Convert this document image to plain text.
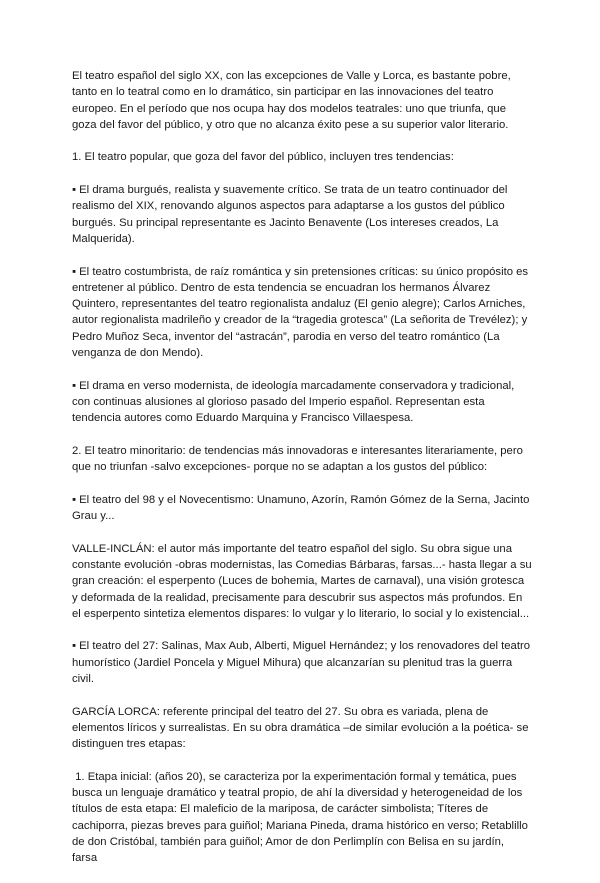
El teatro español del siglo XX, con las excepciones de Valle y Lorca, es bastante pobre, tanto en lo teatral como en lo dramático, sin participar en las innovaciones del teatro europeo. En el período que nos ocupa hay dos modelos teatrales: uno que triunfa, que goza del favor del público, y otro que no alcanza éxito pese a su superior valor literario.

1. El teatro popular, que goza del favor del público, incluyen tres tendencias:

▪ El drama burgués, realista y suavemente crítico. Se trata de un teatro continuador del realismo del XIX, renovando algunos aspectos para adaptarse a los gustos del público burgués. Su principal representante es Jacinto Benavente (Los intereses creados, La Malquerida).

▪ El teatro costumbrista, de raíz romántica y sin pretensiones críticas: su único propósito es entretener al público. Dentro de esta tendencia se encuadran los hermanos Álvarez Quintero, representantes del teatro regionalista andaluz (El genio alegre); Carlos Arniches, autor regionalista madrileño y creador de la “tragedia grotesca” (La señorita de Trevélez); y Pedro Muñoz Seca, inventor del “astracán”, parodia en verso del teatro romántico (La venganza de don Mendo).

▪ El drama en verso modernista, de ideología marcadamente conservadora y tradicional, con continuas alusiones al glorioso pasado del Imperio español. Representan esta tendencia autores como Eduardo Marquina y Francisco Villaespesa.

2. El teatro minoritario: de tendencias más innovadoras e interesantes literariamente, pero que no triunfan -salvo excepciones- porque no se adaptan a los gustos del público:

▪ El teatro del 98 y el Novecentismo: Unamuno, Azorín, Ramón Gómez de la Serna, Jacinto Grau y...

VALLE-INCLÁN: el autor más importante del teatro español del siglo. Su obra sigue una constante evolución -obras modernistas, las Comedias Bárbaras, farsas...- hasta llegar a su gran creación: el esperpento (Luces de bohemia, Martes de carnaval), una visión grotesca y deformada de la realidad, precisamente para descubrir sus aspectos más profundos. En el esperpento sintetiza elementos dispares: lo vulgar y lo literario, lo social y lo existencial...

▪ El teatro del 27: Salinas, Max Aub, Alberti, Miguel Hernández; y los renovadores del teatro humorístico (Jardiel Poncela y Miguel Mihura) que alcanzarían su plenitud tras la guerra civil.

GARCÍA LORCA: referente principal del teatro del 27. Su obra es variada, plena de elementos líricos y surrealistas. En su obra dramática –de similar evolución a la poética- se distinguen tres etapas:

1. Etapa inicial: (años 20), se caracteriza por la experimentación formal y temática, pues busca un lenguaje dramático y teatral propio, de ahí la diversidad y heterogeneidad de los títulos de esta etapa: El maleficio de la mariposa, de carácter simbolista; Títeres de cachiporra, piezas breves para guiñol; Mariana Pineda, drama histórico en verso; Retablillo de don Cristóbal, también para guiñol; Amor de don Perlimplín con Belisa en su jardín, farsa
